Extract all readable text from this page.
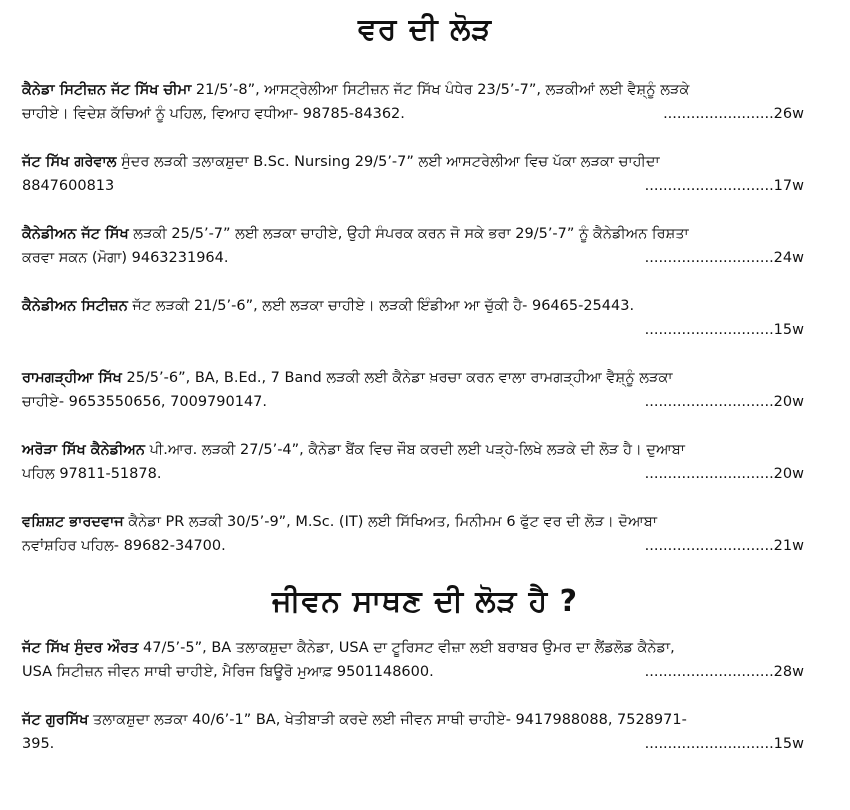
ਵਰ ਦੀ ਲੋੜ
ਕੈਨੇਡਾ ਸਿਟੀਜ਼ਨ ਜੱਟ ਸਿੱਖ ਚੀਮਾ 21/5’-8”, ਆਸਟ੍ਰੇਲੀਆ ਸਿਟੀਜ਼ਨ ਜੱਟ ਸਿੱਖ ਪੰਧੇਰ 23/5’-7”, ਲੜਕੀਆਂ ਲਈ ਵੈਸ਼੍ਨੂੰ ਲੜਕੇ
ਚਾਹੀਏ। ਵਿਦੇਸ਼ ਕੱਚਿਆਂ ਨੂੰ ਪਹਿਲ, ਵਿਆਹ ਵਧੀਆ- 98785-84362.	........................26w
ਜੱਟ ਸਿੱਖ ਗਰੇਵਾਲ ਸੁੰਦਰ ਲੜਕੀ ਤਲਾਕਸ਼ੁਦਾ B.Sc. Nursing 29/5’-7” ਲਈ ਆਸਟਰੇਲੀਆ ਵਿਚ ਪੱਕਾ ਲੜਕਾ ਚਾਹੀਦਾ
8847600813	............................17w
ਕੈਨੇਡੀਅਨ ਜੱਟ ਸਿੱਖ ਲੜਕੀ 25/5’-7” ਲਈ ਲੜਕਾ ਚਾਹੀਏ, ਉਹੀ ਸੰਪਰਕ ਕਰਨ ਜੋ ਸਕੇ ਭਰਾ 29/5’-7” ਨੂੰ ਕੈਨੇਡੀਅਨ ਰਿਸ਼ਤਾ
ਕਰਵਾ ਸਕਨ (ਮੋਗਾ) 9463231964.	............................24w
ਕੈਨੇਡੀਅਨ ਸਿਟੀਜ਼ਨ ਜੱਟ ਲੜਕੀ 21/5’-6”, ਲਈ ਲੜਕਾ ਚਾਹੀਏ। ਲੜਕੀ ਇੰਡੀਆ ਆ ਚੁੱਕੀ ਹੈ- 96465-25443.
............................15w
ਰਾਮਗੜ੍ਹੀਆ ਸਿੱਖ 25/5’-6”, BA, B.Ed., 7 Band ਲੜਕੀ ਲਈ ਕੈਨੇਡਾ ਖ਼ਰਚਾ ਕਰਨ ਵਾਲਾ ਰਾਮਗੜ੍ਹੀਆ ਵੈਸ਼੍ਨੂੰ ਲੜਕਾ
ਚਾਹੀਏ- 9653550656, 7009790147.	............................20w
ਅਰੋੜਾ ਸਿੱਖ ਕੈਨੇਡੀਅਨ ਪੀ.ਆਰ. ਲੜਕੀ 27/5’-4”, ਕੈਨੇਡਾ ਬੈਂਕ ਵਿਚ ਜੌਬ ਕਰਦੀ ਲਈ ਪੜ੍ਹੇ-ਲਿਖੇ ਲੜਕੇ ਦੀ ਲੋੜ ਹੈ। ਦੁਆਬਾ
ਪਹਿਲ 97811-51878.	............................20w
ਵਸ਼ਿਸ਼ਟ ਭਾਰਦਵਾਜ ਕੈਨੇਡਾ PR ਲੜਕੀ 30/5’-9”, M.Sc. (IT) ਲਈ ਸਿੱਖਿਅਤ, ਮਿਨੀਮਮ 6 ਫੁੱਟ ਵਰ ਦੀ ਲੋੜ। ਦੋਆਬਾ
ਨਵਾਂਸ਼ਹਿਰ ਪਹਿਲ- 89682-34700.	............................21w
ਜੀਵਨ ਸਾਥਣ ਦੀ ਲੋੜ ਹੈ ?
ਜੱਟ ਸਿੱਖ ਸੁੰਦਰ ਔਰਤ 47/5’-5”, BA ਤਲਾਕਸ਼ੁਦਾ ਕੈਨੇਡਾ, USA ਦਾ ਟੂਰਿਸਟ ਵੀਜ਼ਾ ਲਈ ਬਰਾਬਰ ਉਮਰ ਦਾ ਲੈਂਡਲੋਡ ਕੈਨੇਡਾ,
USA ਸਿਟੀਜ਼ਨ ਜੀਵਨ ਸਾਥੀ ਚਾਹੀਏ, ਮੈਰਿਜ ਬਿਊਰੋ ਮੁਆਫ਼ 9501148600.	............................28w
ਜੱਟ ਗੁਰਸਿੱਖ ਤਲਾਕਸ਼ੁਦਾ ਲੜਕਾ 40/6’-1” BA, ਖੇਤੀਬਾੜੀ ਕਰਦੇ ਲਈ ਜੀਵਨ ਸਾਥੀ ਚਾਹੀਏ- 9417988088, 7528971-
395.	............................15w
